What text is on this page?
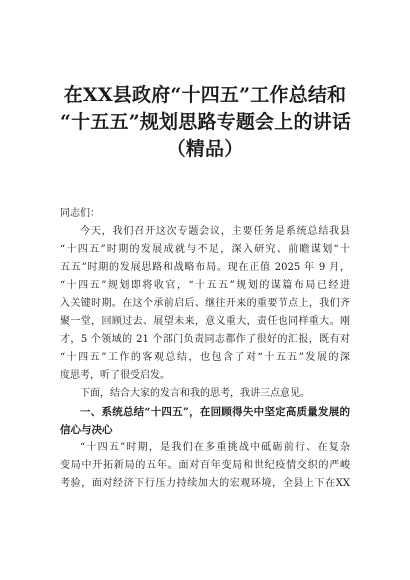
在XX县政府“十四五”工作总结和
“十五五”规划思路专题会上的讲话
（精品）
同志们：

今天，我们召开这次专题会议，主要任务是系统总结我县
“十四五”时期的发展成就与不足，深入研究、前瞻谋划“十
五五”时期的发展思路和战略布局。现在正值 2025 年 9 月，
“十四五”规划即将收官，“十五五”规划的谋篇布局已经进
入关键时期。在这个承前启后、继往开来的重要节点上，我们齐
聚一堂，回顾过去、展望未来，意义重大，责任也同样重大。刚
才，5 个领域的 21 个部门负责同志都作了很好的汇报，既有对
“十四五”工作的客观总结，也包含了对“十五五”发展的深
度思考，听了很受启发。

下面，结合大家的发言和我的思考，我讲三点意见。

一、系统总结“十四五”，在回顾得失中坚定高质量发展的
信心与决心

“十四五”时期，是我们在多重挑战中砥砺前行、在复杂
变局中开拓新局的五年。面对百年变局和世纪疫情交织的严峻
考验，面对经济下行压力持续加大的宏观环境，全县上下在XX
